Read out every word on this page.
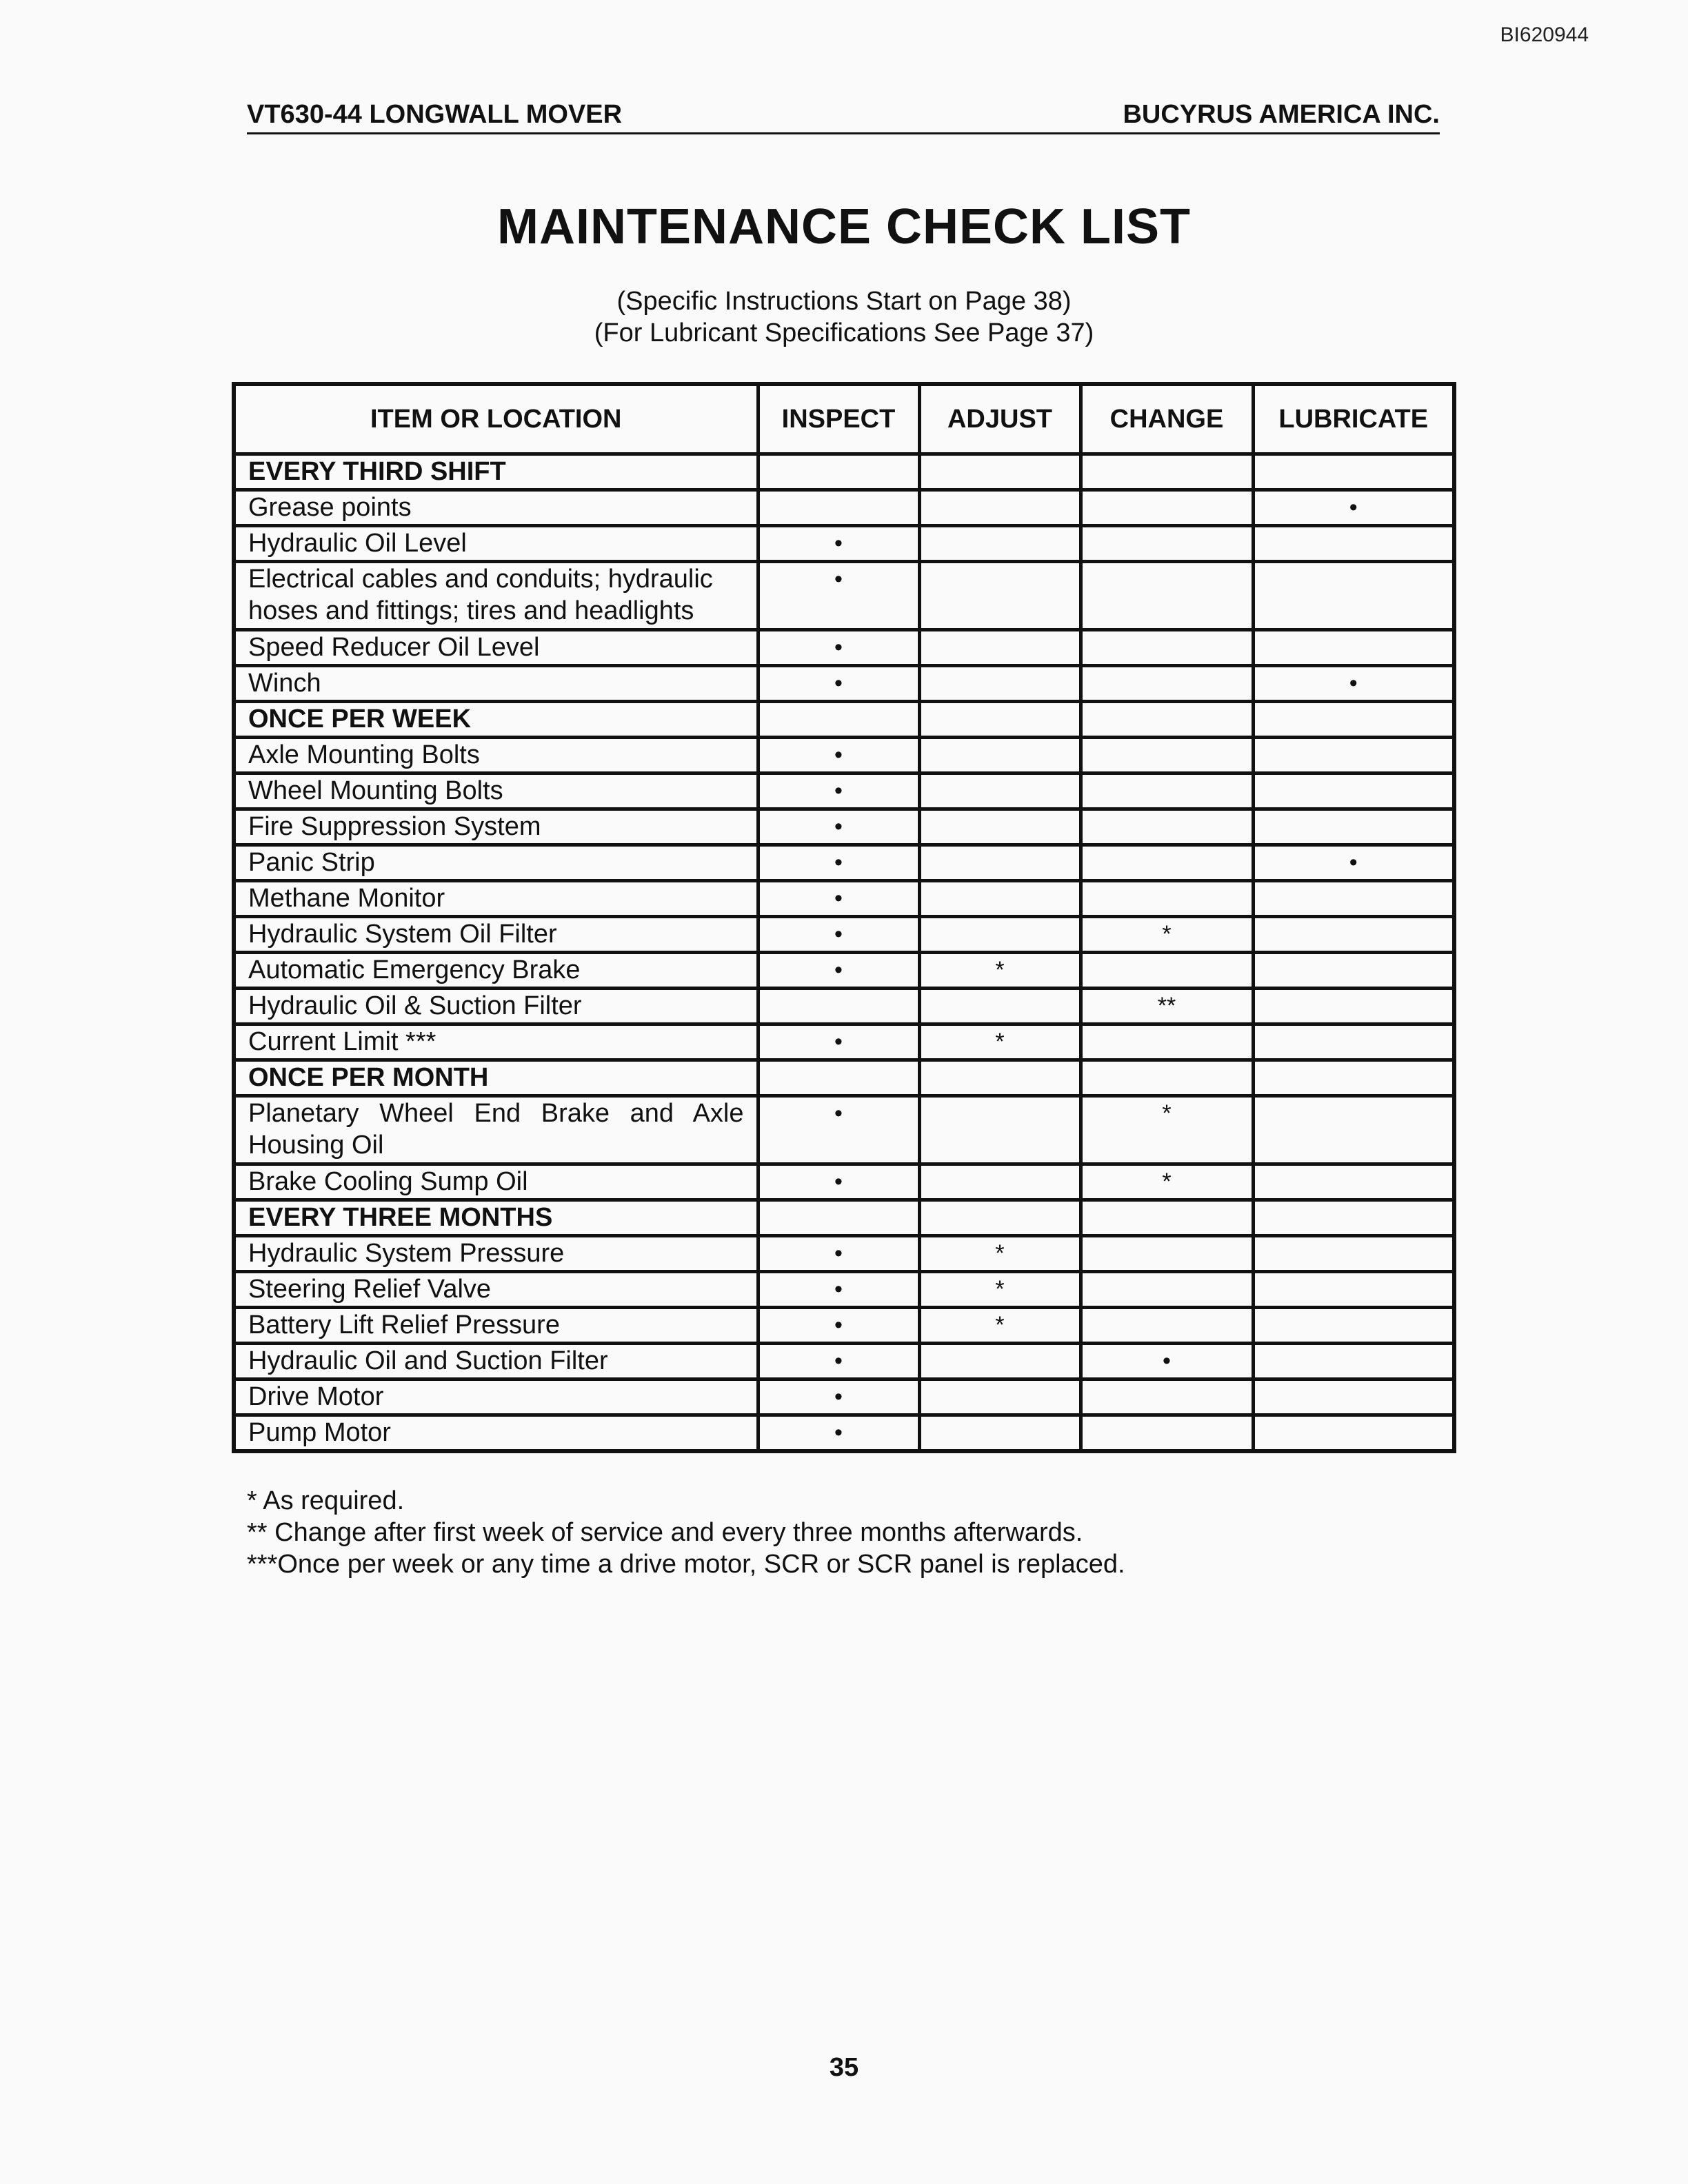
BI620944
VT630-44 LONGWALL MOVER	BUCYRUS AMERICA INC.
MAINTENANCE CHECK LIST
(Specific Instructions Start on Page 38)
(For Lubricant Specifications See Page 37)
ITEM OR LOCATION	INSPECT	ADJUST	CHANGE	LUBRICATE
EVERY THIRD SHIFT				
Grease points				•
Hydraulic Oil Level	•			
Electrical cables and conduits; hydraulic hoses and fittings; tires and headlights	•			
Speed Reducer Oil Level	•			
Winch	•			•
ONCE PER WEEK				
Axle Mounting Bolts	•			
Wheel Mounting Bolts	•			
Fire Suppression System	•			
Panic Strip	•			•
Methane Monitor	•			
Hydraulic System Oil Filter	•		*	
Automatic Emergency Brake	•	*		
Hydraulic Oil & Suction Filter			**	
Current Limit ***	•	*		
ONCE PER MONTH				
Planetary Wheel End Brake and Axle Housing Oil	•		*	
Brake Cooling Sump Oil	•		*	
EVERY THREE MONTHS				
Hydraulic System Pressure	•	*		
Steering Relief Valve	•	*		
Battery Lift Relief Pressure	•	*		
Hydraulic Oil and Suction Filter	•		•	
Drive Motor	•			
Pump Motor	•			
* As required.
** Change after first week of service and every three months afterwards.
***Once per week or any time a drive motor, SCR or SCR panel is replaced.
35
